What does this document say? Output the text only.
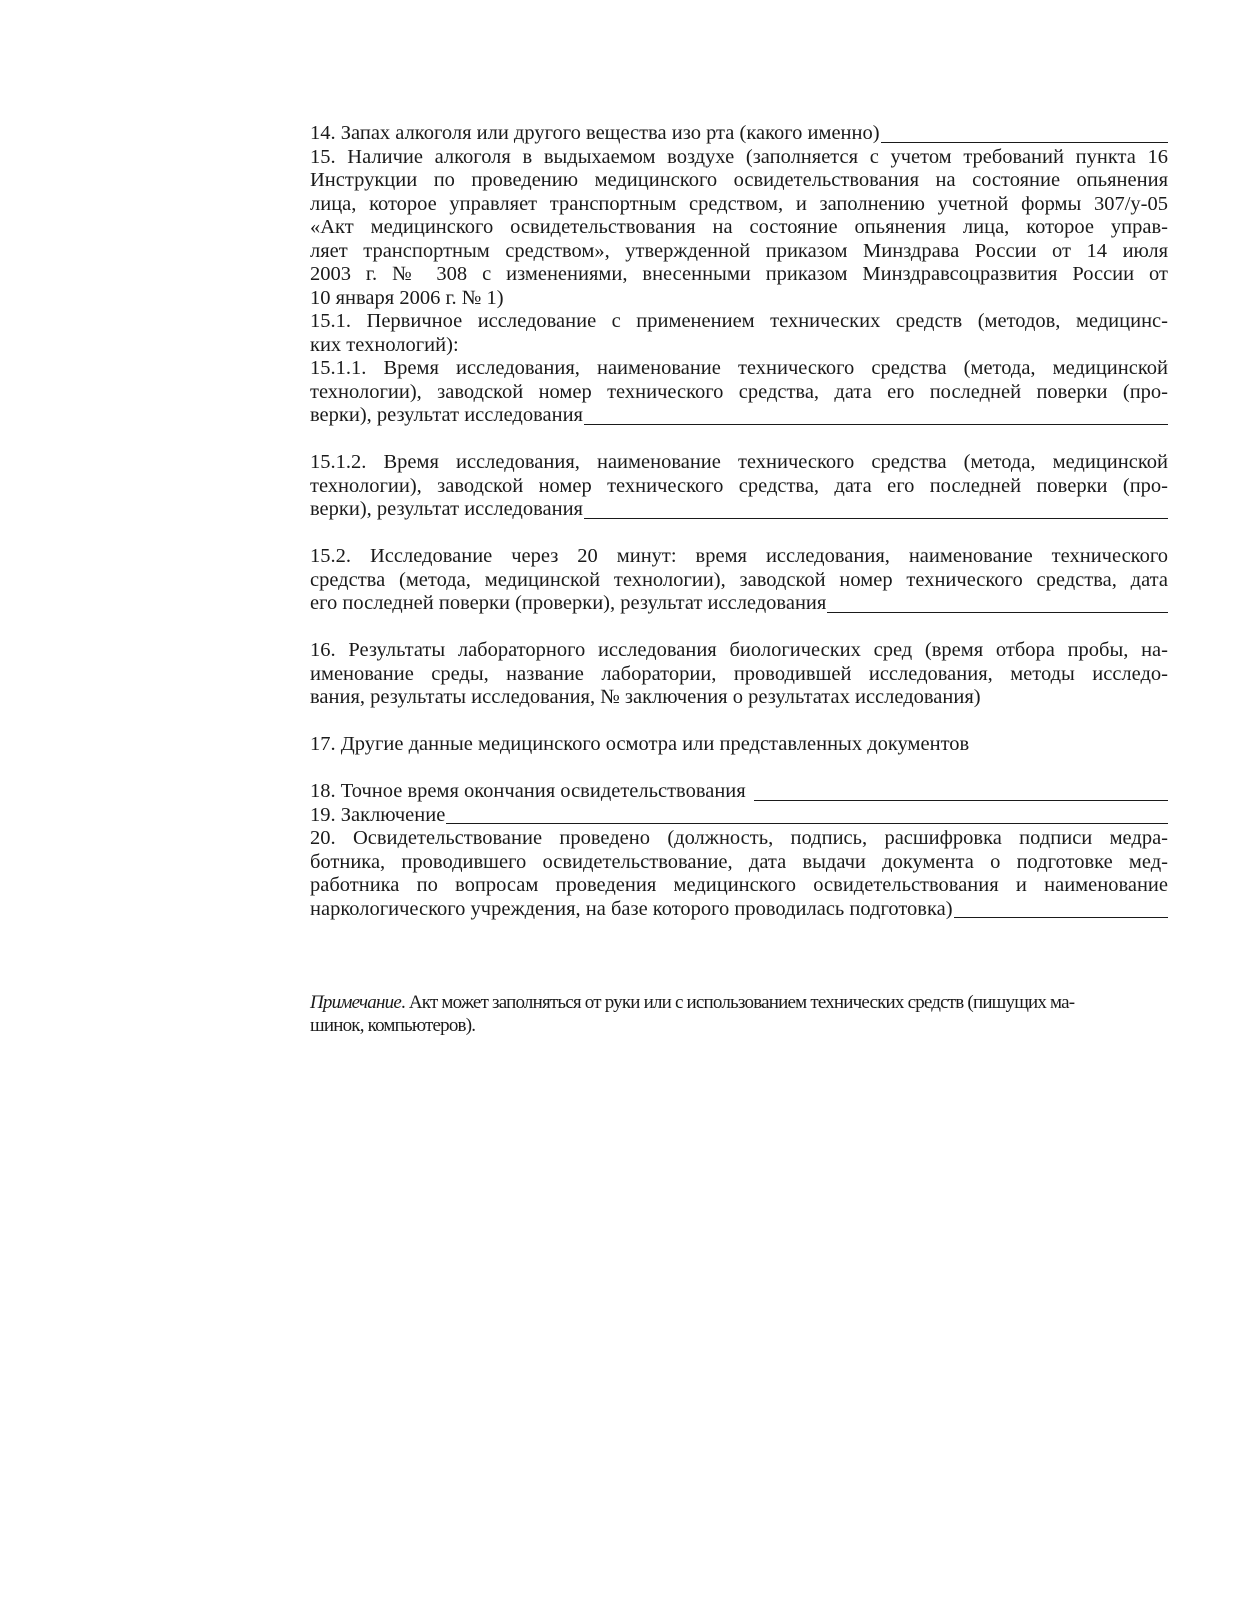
14. Запах алкоголя или другого вещества изо рта (какого именно)

15. Наличие алкоголя в выдыхаемом воздухе (заполняется с учетом требований пункта 16

Инструкции по проведению медицинского освидетельствования на состояние опьянения

лица, которое управляет транспортным средством, и заполнению учетной формы 307/у-05

«Акт медицинского освидетельствования на состояние опьянения лица, которое управ-

ляет транспортным средством», утвержденной приказом Минздрава России от 14 июля

2003 г. № 308 с изменениями, внесенными приказом Минздравсоцразвития России от

10 января 2006 г. № 1)

15.1. Первичное исследование с применением технических средств (методов, медицинс-

ких технологий):

15.1.1. Время исследования, наименование технического средства (метода, медицинской

технологии), заводской номер технического средства, дата его последней поверки (про-

верки), результат исследования

15.1.2. Время исследования, наименование технического средства (метода, медицинской

технологии), заводской номер технического средства, дата его последней поверки (про-

верки), результат исследования

15.2. Исследование через 20 минут: время исследования, наименование технического

средства (метода, медицинской технологии), заводской номер технического средства, дата

его последней поверки (проверки), результат исследования

16. Результаты лабораторного исследования биологических сред (время отбора пробы, на-

именование среды, название лаборатории, проводившей исследования, методы исследо-

вания, результаты исследования, № заключения о результатах исследования)

17. Другие данные медицинского осмотра или представленных документов

18. Точное время окончания освидетельствования
19. Заключение

20. Освидетельствование проведено (должность, подпись, расшифровка подписи медра-

ботника, проводившего освидетельствование, дата выдачи документа о подготовке мед-

работника по вопросам проведения медицинского освидетельствования и наименование

наркологического учреждения, на базе которого проводилась подготовка)
Примечание. Акт может заполняться от руки или с использованием технических средств (пишущих ма-
шинок, компьютеров).
